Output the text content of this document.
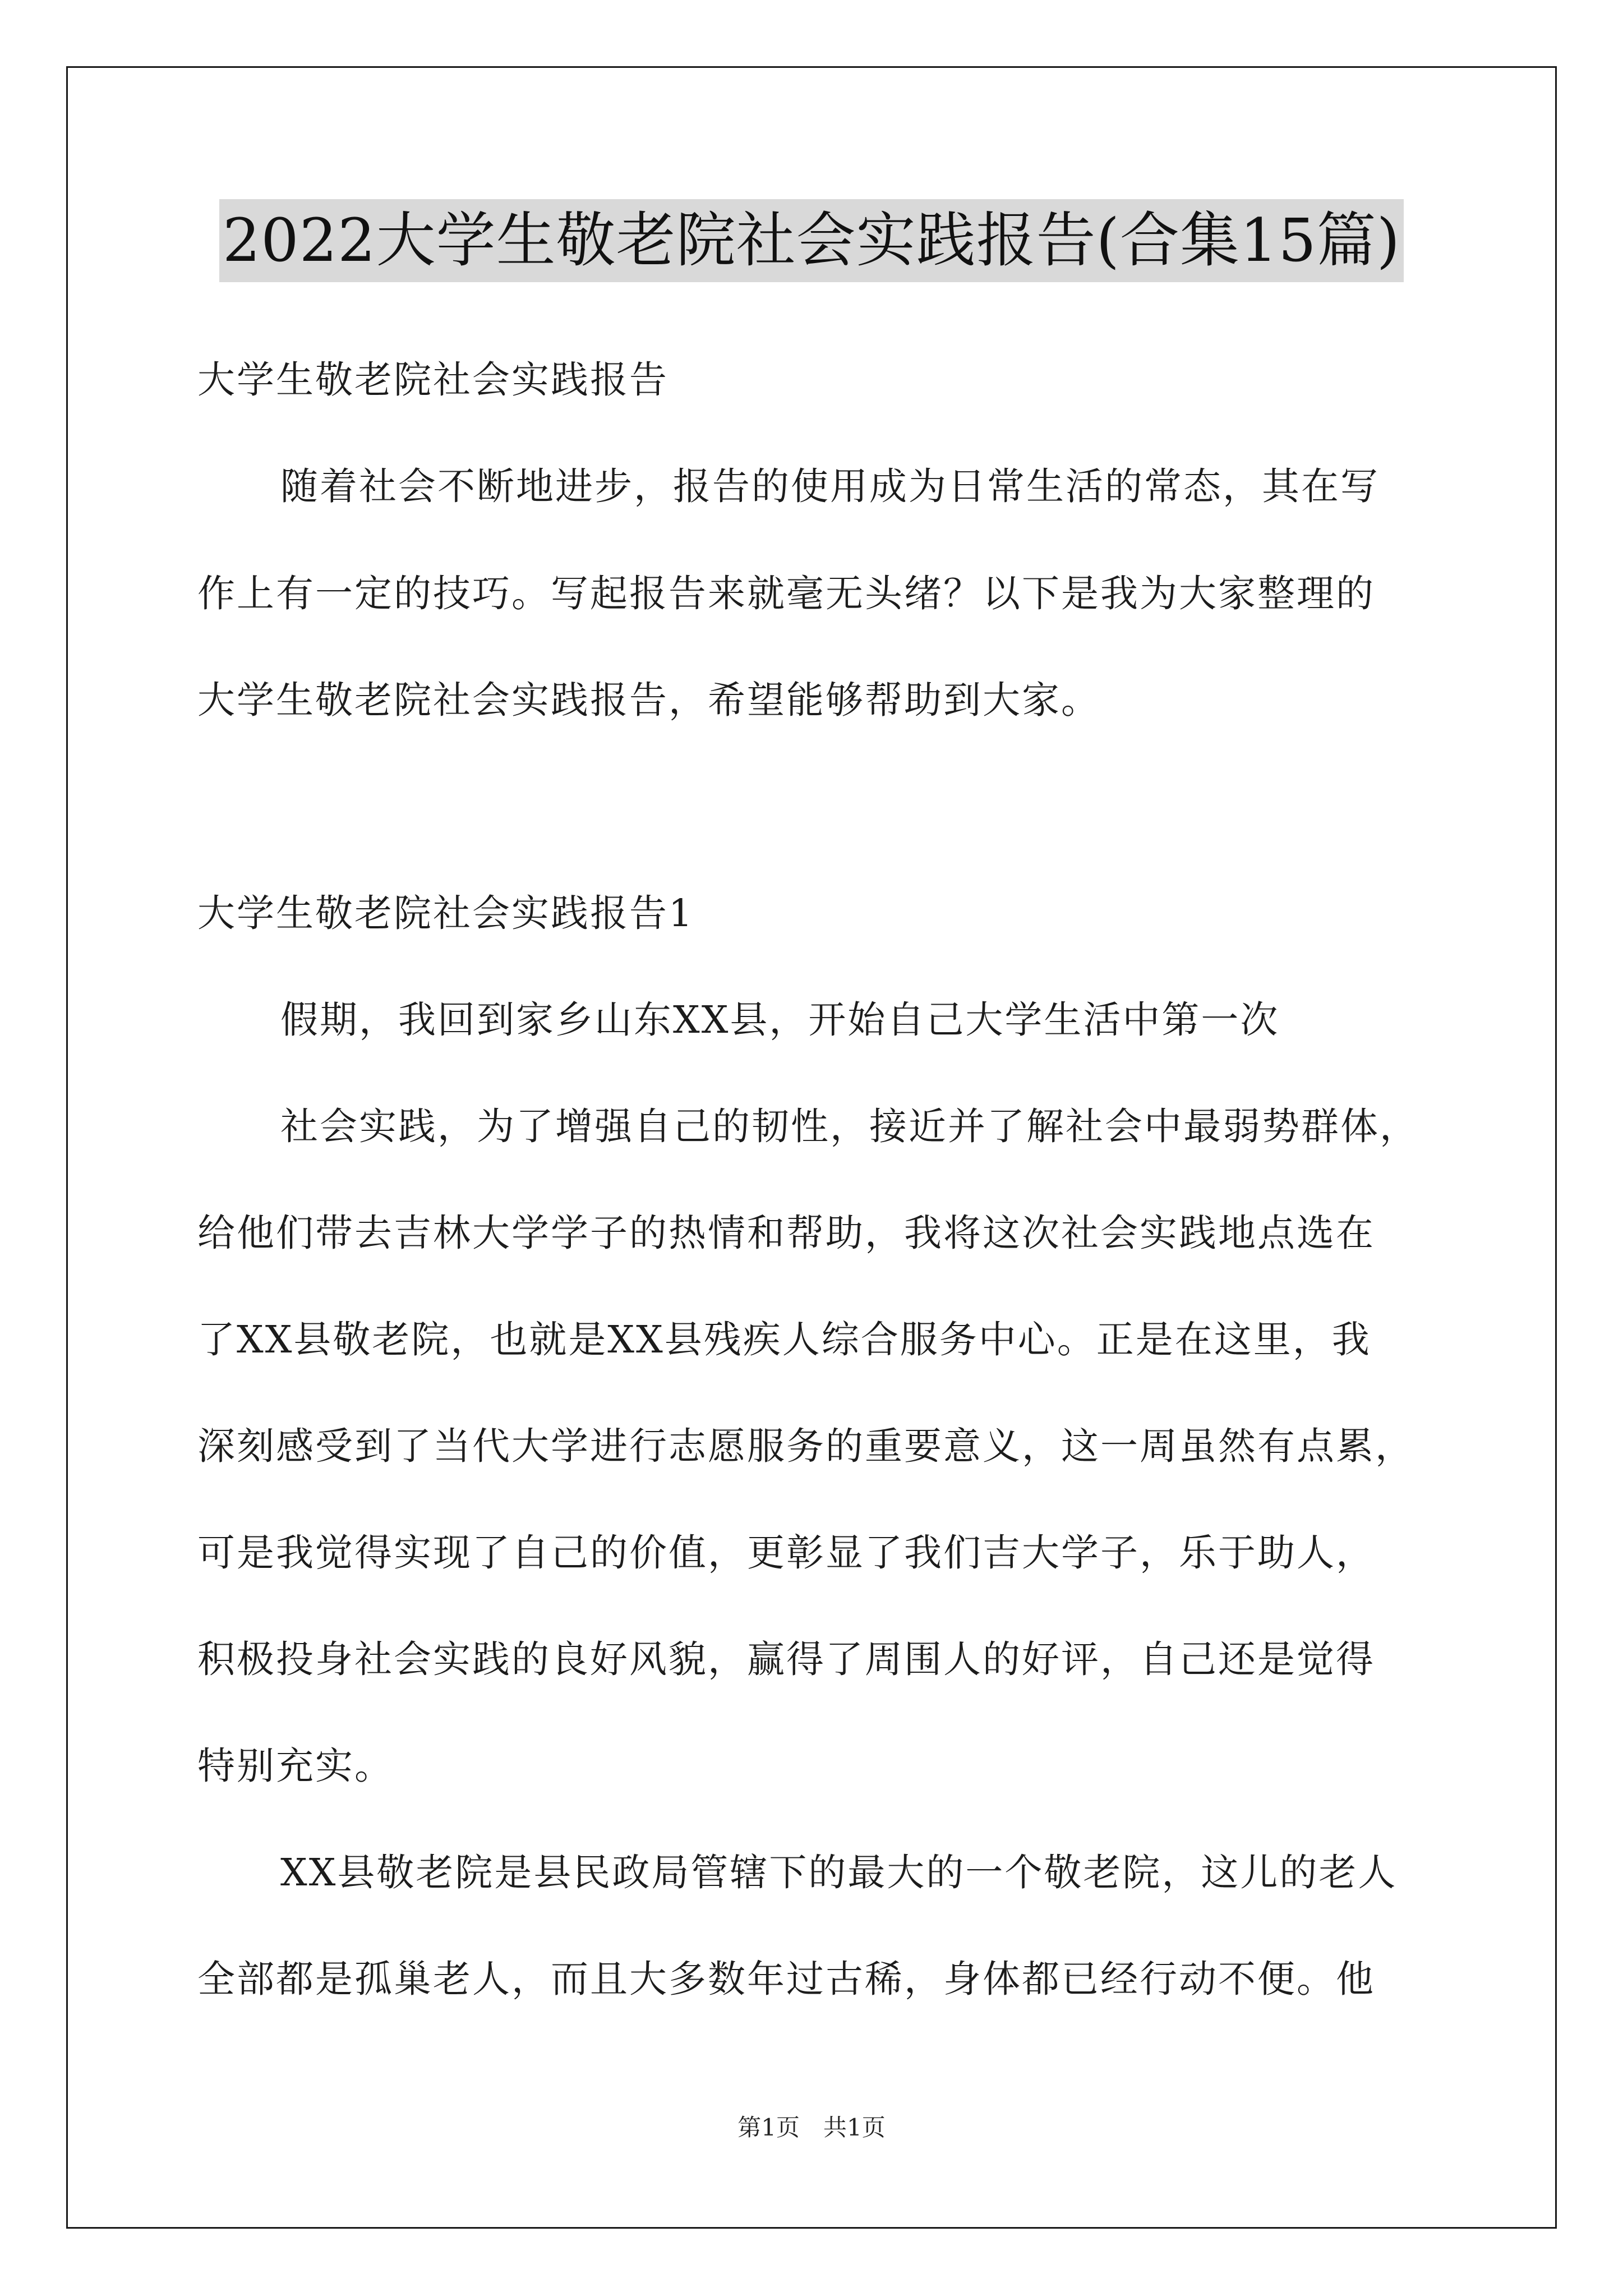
2022大学生敬老院社会实践报告(合集15篇)
大学生敬老院社会实践报告
随着社会不断地进步，报告的使用成为日常生活的常态，其在写
作上有一定的技巧。写起报告来就毫无头绪？以下是我为大家整理的
大学生敬老院社会实践报告，希望能够帮助到大家。
大学生敬老院社会实践报告1
假期，我回到家乡山东XX县，开始自己大学生活中第一次
社会实践，为了增强自己的韧性，接近并了解社会中最弱势群体，
给他们带去吉林大学学子的热情和帮助，我将这次社会实践地点选在
了XX县敬老院，也就是XX县残疾人综合服务中心。正是在这里，我
深刻感受到了当代大学进行志愿服务的重要意义，这一周虽然有点累，
可是我觉得实现了自己的价值，更彰显了我们吉大学子，乐于助人，
积极投身社会实践的良好风貌，赢得了周围人的好评，自己还是觉得
特别充实。
XX县敬老院是县民政局管辖下的最大的一个敬老院，这儿的老人
全部都是孤巢老人，而且大多数年过古稀，身体都已经行动不便。他
第1页　共1页
